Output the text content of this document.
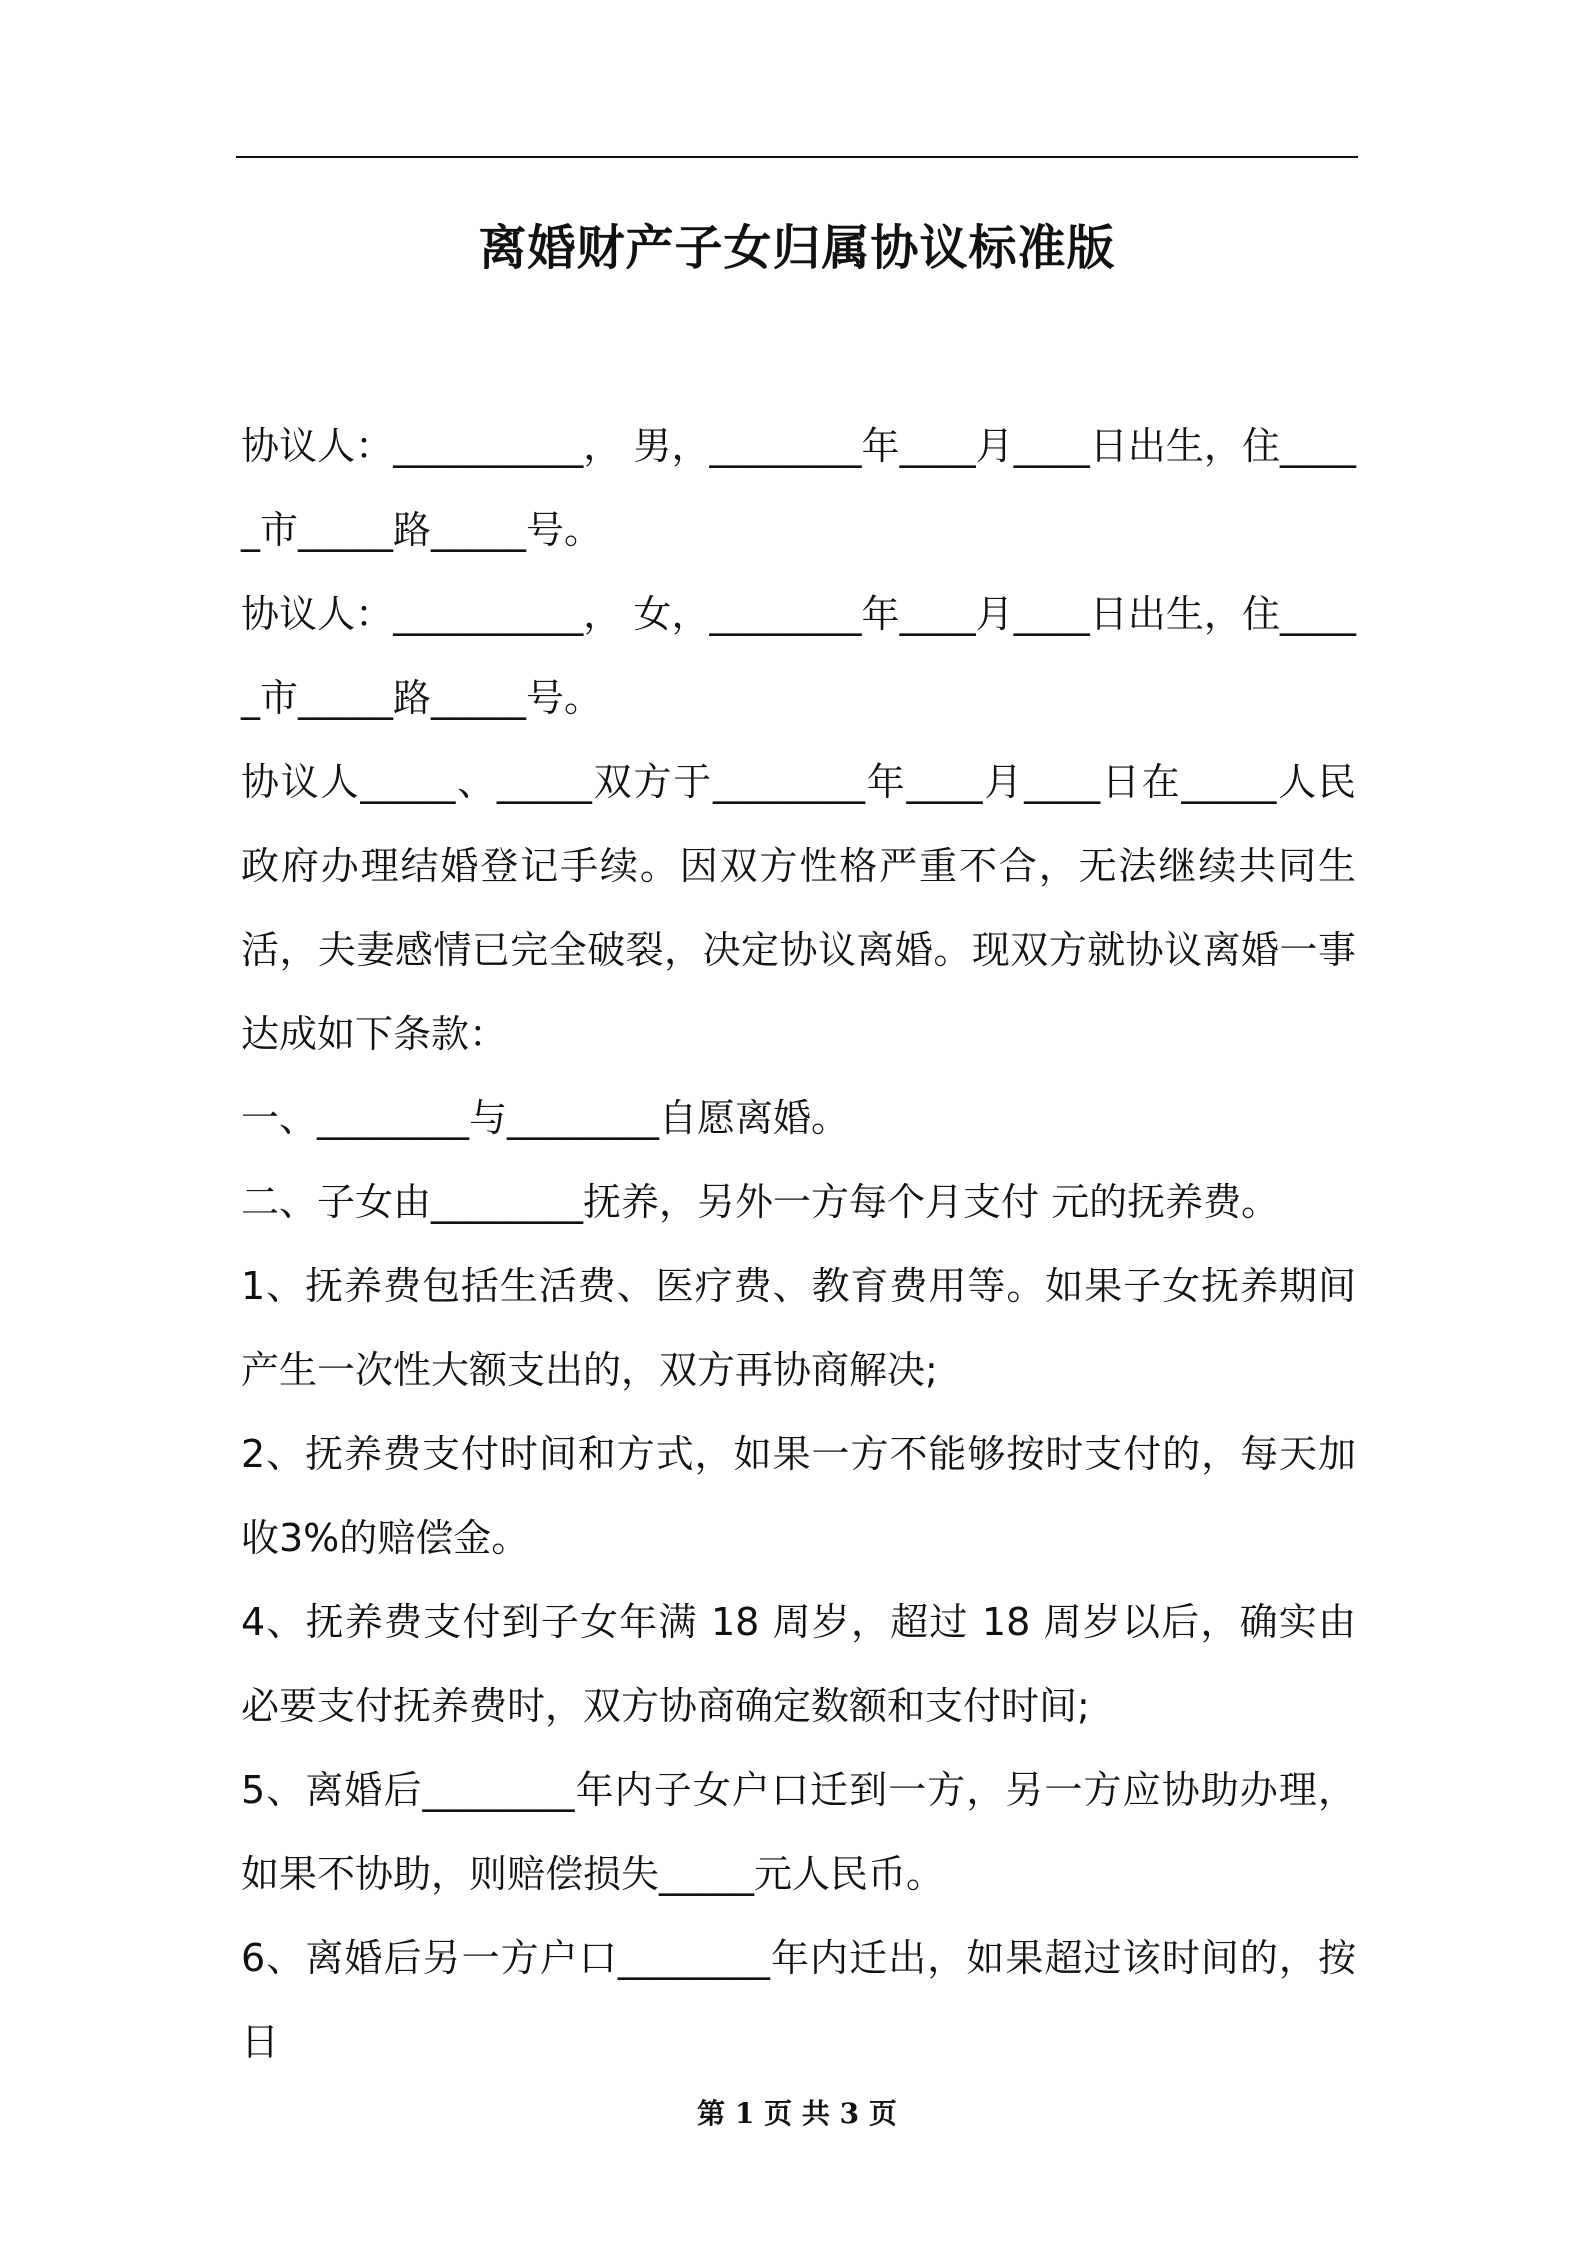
离婚财产子女归属协议标准版

协议人：__________， 男，________年____月____日出生，住_____市_____路_____号。

协议人：__________， 女，________年____月____日出生，住_____市_____路_____号。

协议人_____、_____双方于________年____月____日在_____人民政府办理结婚登记手续。因双方性格严重不合，无法继续共同生活，夫妻感情已完全破裂，决定协议离婚。现双方就协议离婚一事达成如下条款：

一、________与________自愿离婚。

二、子女由________抚养，另外一方每个月支付 元的抚养费。

1、抚养费包括生活费、医疗费、教育费用等。如果子女抚养期间产生一次性大额支出的，双方再协商解决;

2、抚养费支付时间和方式，如果一方不能够按时支付的，每天加收3%的赔偿金。

4、抚养费支付到子女年满 18 周岁，超过 18 周岁以后，确实由必要支付抚养费时，双方协商确定数额和支付时间;

5、离婚后________年内子女户口迁到一方，另一方应协助办理，如果不协助，则赔偿损失_____元人民币。

6、离婚后另一方户口________年内迁出，如果超过该时间的，按日

第 1 页 共 3 页
